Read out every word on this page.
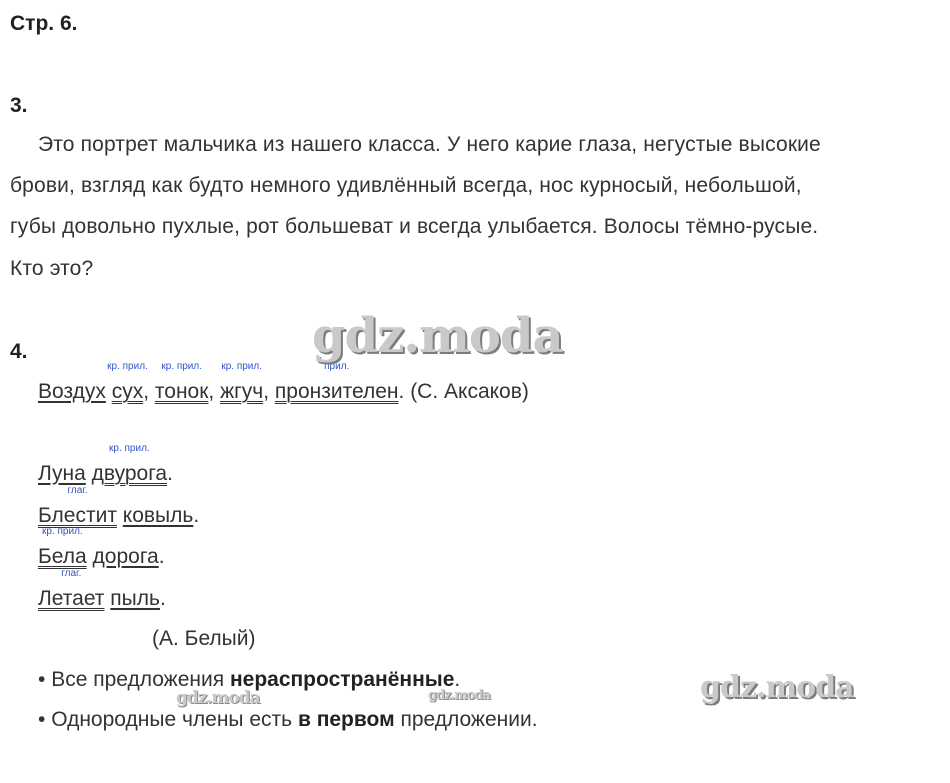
Стр. 6.
3.
Это портрет мальчика из нашего класса. У него карие глаза, негустые высокие
брови, взгляд как будто немного удивлённый всегда, нос курносый, небольшой,
губы довольно пухлые, рот большеват и всегда улыбается. Волосы тёмно-русые.
Кто это?
4.
Воздух
кр. прил.
сух,
кр. прил.
тонок,
кр. прил.
жгуч,
прил.
пронзителен. (С. Аксаков)
Луна
кр. прил.
двурога.
глаг.
Блестит ковыль.
кр. прил.
Бела дорога.
глаг.
Летает пыль.
(А. Белый)
• Все предложения нераспространённые.
• Однородные члены есть в первом предложении.
gdz.moda
gdz.moda
gdz.moda	gdz.moda
